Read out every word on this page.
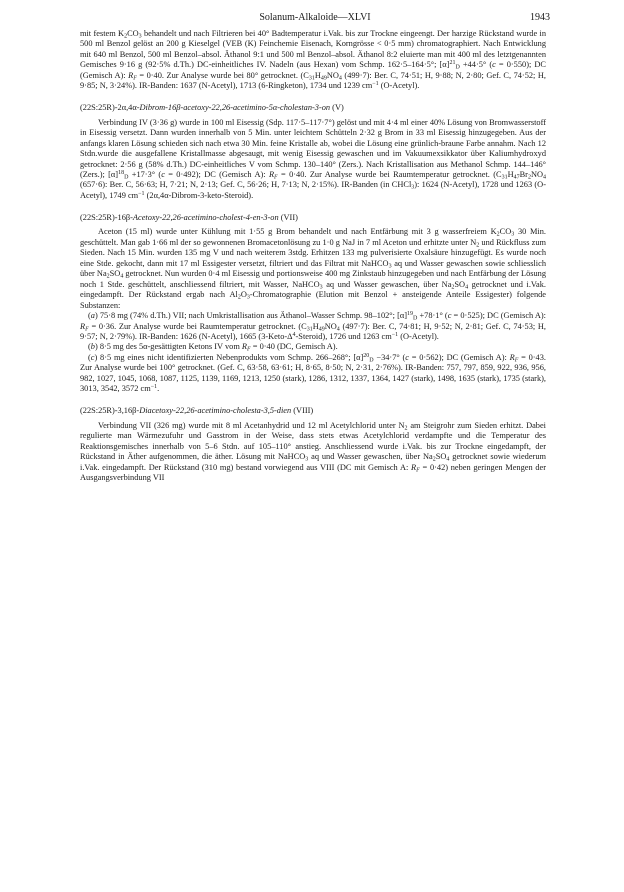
Solanum-Alkaloide—XLVI	1943

mit festem $K_2CO_3$ behandelt und nach Filtrieren bei 40° Badtemperatur i.Vak. bis zur Trockne eingeengt. Der harzige Rückstand wurde in 500 ml Benzol gelöst an 200 g Kieselgel (VEB (K) Feinchemie Eisenach, Korngrösse < 0·5 mm) chromatographiert. Nach Entwicklung mit 640 ml Benzol, 500 ml Benzol–absol. Äthanol 9:1 und 500 ml Benzol–absol. Äthanol 8:2 eluierte man mit 400 ml des letztgenannten Gemisches 9·16 g (92·5% d.Th.) DC-einheitliches IV. Nadeln (aus Hexan) vom Schmp. 162·5–164·5°; $[\alpha]^{21}_D +44\cdot 5^\circ$ (c = 0·550); DC (Gemisch A): $R_F = 0\cdot 40$. Zur Analyse wurde bei 80° getrocknet. ($C_{31}H_{49}NO_4$ (499·7): Ber. C, 74·51; H, 9·88; N, 2·80; Gef. C, 74·52; H, 9·85; N, 3·24%). IR-Banden: 1637 (N-Acetyl), 1713 (6-Ringketon), 1734 und 1239 $cm^{-1}$ (O-Acetyl).

(22S:25R)-2α,4α-Dibrom-16β-acetoxy-22,26-acetimino-5α-cholestan-3-on (V)

Verbindung IV (3·36 g) wurde in 100 ml Eisessig (Sdp. 117·5–117·7°) gelöst und mit 4·4 ml einer 40% Lösung von Bromwasserstoff in Eisessig versetzt. Dann wurden innerhalb von 5 Min. unter leichtem Schütteln 2·32 g Brom in 33 ml Eisessig hinzugegeben. Aus der anfangs klaren Lösung schieden sich nach etwa 30 Min. feine Kristalle ab, wobei die Lösung eine grünlich-braune Farbe annahm. Nach 12 Stdn.wurde die ausgefallene Kristallmasse abgesaugt, mit wenig Eisessig gewaschen und im Vakuumexsikkator über Kaliumhydroxyd getrocknet: 2·56 g (58% d.Th.) DC-einheitliches V vom Schmp. 130–140° (Zers.). Nach Kristallisation aus Methanol Schmp. 144–146° (Zers.); $[\alpha]^{18}_D +17\cdot 3^\circ$ (c = 0·492); DC (Gemisch A): $R_F = 0\cdot 40$. Zur Analyse wurde bei Raumtemperatur getrocknet. ($C_{31}H_{47}Br_2NO_4$ (657·6): Ber. C, 56·63; H, 7·21; N, 2·13; Gef. C, 56·26; H, 7·13; N, 2·15%). IR-Banden (in CHCl$_3$): 1624 (N-Acetyl), 1728 und 1263 (O-Acetyl), 1749 $cm^{-1}$ (2α,4α-Dibrom-3-keto-Steroid).

(22S:25R)-16β-Acetoxy-22,26-acetimino-cholest-4-en-3-on (VII)

Aceton (15 ml) wurde unter Kühlung mit 1·55 g Brom behandelt und nach Entfärbung mit 3 g wasserfreiem $K_2CO_3$ 30 Min. geschüttelt. Man gab 1·66 ml der so gewonnenen Bromacetonlösung zu 1·0 g NaJ in 7 ml Aceton und erhitzte unter $N_2$ und Rückfluss zum Sieden. Nach 15 Min. wurden 135 mg V und nach weiterem 3stdg. Erhitzen 133 mg pulverisierte Oxalsäure hinzugefügt. Es wurde noch eine Stde. gekocht, dann mit 17 ml Essigester versetzt, filtriert und das Filtrat mit NaHCO$_3$ aq und Wasser gewaschen sowie schliesslich über $Na_2SO_4$ getrocknet. Nun wurden 0·4 ml Eisessig und portionsweise 400 mg Zinkstaub hinzugegeben und nach Entfärbung der Lösung noch 1 Stde. geschüttelt, anschliessend filtriert, mit Wasser, NaHCO$_3$ aq und Wasser gewaschen, über $Na_2SO_4$ getrocknet und i.Vak. eingedampft. Der Rückstand ergab nach $Al_2O_3$-Chromatographie (Elution mit Benzol + ansteigende Anteile Essigester) folgende Substanzen:

(a) 75·8 mg (74% d.Th.) VII; nach Umkristallisation aus Äthanol–Wasser Schmp. 98–102°; $[\alpha]^{19}_D +78\cdot 1^\circ$ (c = 0·525); DC (Gemisch A): $R_F = 0\cdot 36$. Zur Analyse wurde bei Raumtemperatur getrocknet. ($C_{31}H_{49}NO_4$ (497·7): Ber. C, 74·81; H, 9·52; N, 2·81; Gef. C, 74·53; H, 9·57; N, 2·79%). IR-Banden: 1626 (N-Acetyl), 1665 $(3-Keto-\Delta^4-Steroid)$, 1726 und 1263 $cm^{-1}$ (O-Acetyl).

(b) 8·5 mg des 5α-gesättigten Ketons IV vom $R_F = 0\cdot 40$ (DC, Gemisch A).

(c) 8·5 mg eines nicht identifizierten Nebenprodukts vom Schmp. 266–268°; $[\alpha]^{20}_D -34\cdot 7^\circ$ (c = 0·562); DC (Gemisch A): $R_F = 0\cdot 43$. Zur Analyse wurde bei 100° getrocknet. (Gef. C, 63·58, 63·61; H, 8·65, 8·50; N, 2·31, 2·76%). IR-Banden: 757, 797, 859, 922, 936, 956, 982, 1027, 1045, 1068, 1087, 1125, 1139, 1169, 1213, 1250 (stark), 1286, 1312, 1337, 1364, 1427 (stark), 1498, 1635 (stark), 1735 (stark), 3013, 3542, 3572 $cm^{-1}$.

(22S:25R)-3,16β-Diacetoxy-22,26-acetimino-cholesta-3,5-dien (VIII)

Verbindung VII (326 mg) wurde mit 8 ml Acetanhydrid und 12 ml Acetylchlorid unter $N_2$ am Steigrohr zum Sieden erhitzt. Dabei regulierte man Wärmezufuhr und Gasstrom in der Weise, dass stets etwas Acetylchlorid verdampfte und die Temperatur des Reaktionsgemisches innerhalb von 5–6 Stdn. auf 105–110° anstieg. Anschliessend wurde i.Vak. bis zur Trockne eingedampft, der Rückstand in Äther aufgenommen, die äther. Lösung mit NaHCO$_3$ aq und Wasser gewaschen, über $Na_2SO_4$ getrocknet sowie wiederum i.Vak. eingedampft. Der Rückstand (310 mg) bestand vorwiegend aus VIII (DC mit Gemisch A: $R_F = 0\cdot 42$) neben geringen Mengen der Ausgangsverbindung VII
